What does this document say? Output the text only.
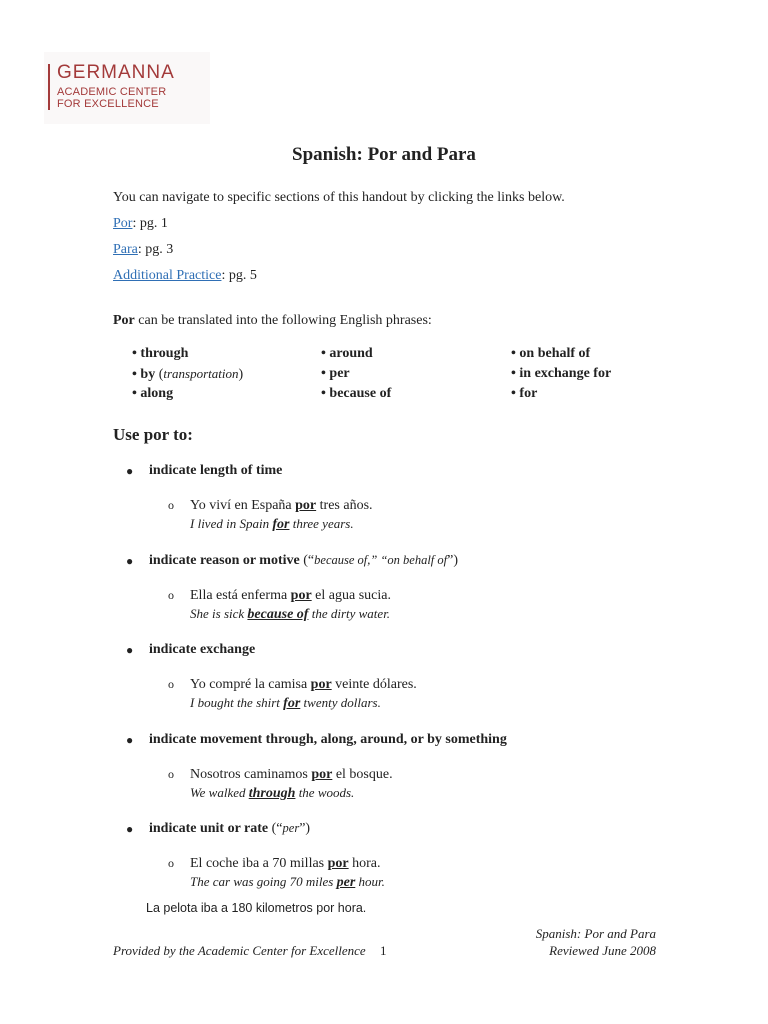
GERMANNA
ACADEMIC CENTER
FOR EXCELLENCE
Spanish: Por and Para
You can navigate to specific sections of this handout by clicking the links below.
Por: pg. 1
Para: pg. 3
Additional Practice: pg. 5
Por can be translated into the following English phrases:
• through
• by (transportation)
• along
• around
• per
• because of
• on behalf of
• in exchange for
• for
Use por to:
● indicate length of time
o Yo viví en España por tres años.
I lived in Spain for three years.
● indicate reason or motive (“because of,” “on behalf of”)
o Ella está enferma por el agua sucia.
She is sick because of the dirty water.
● indicate exchange
o Yo compré la camisa por veinte dólares.
I bought the shirt for twenty dollars.
● indicate movement through, along, around, or by something
o Nosotros caminamos por el bosque.
We walked through the woods.
● indicate unit or rate (“per”)
o El coche iba a 70 millas por hora.
The car was going 70 miles per hour.
La pelota iba a 180 kilometros por hora.
Provided by the Academic Center for Excellence 1
Spanish: Por and Para
Reviewed June 2008
